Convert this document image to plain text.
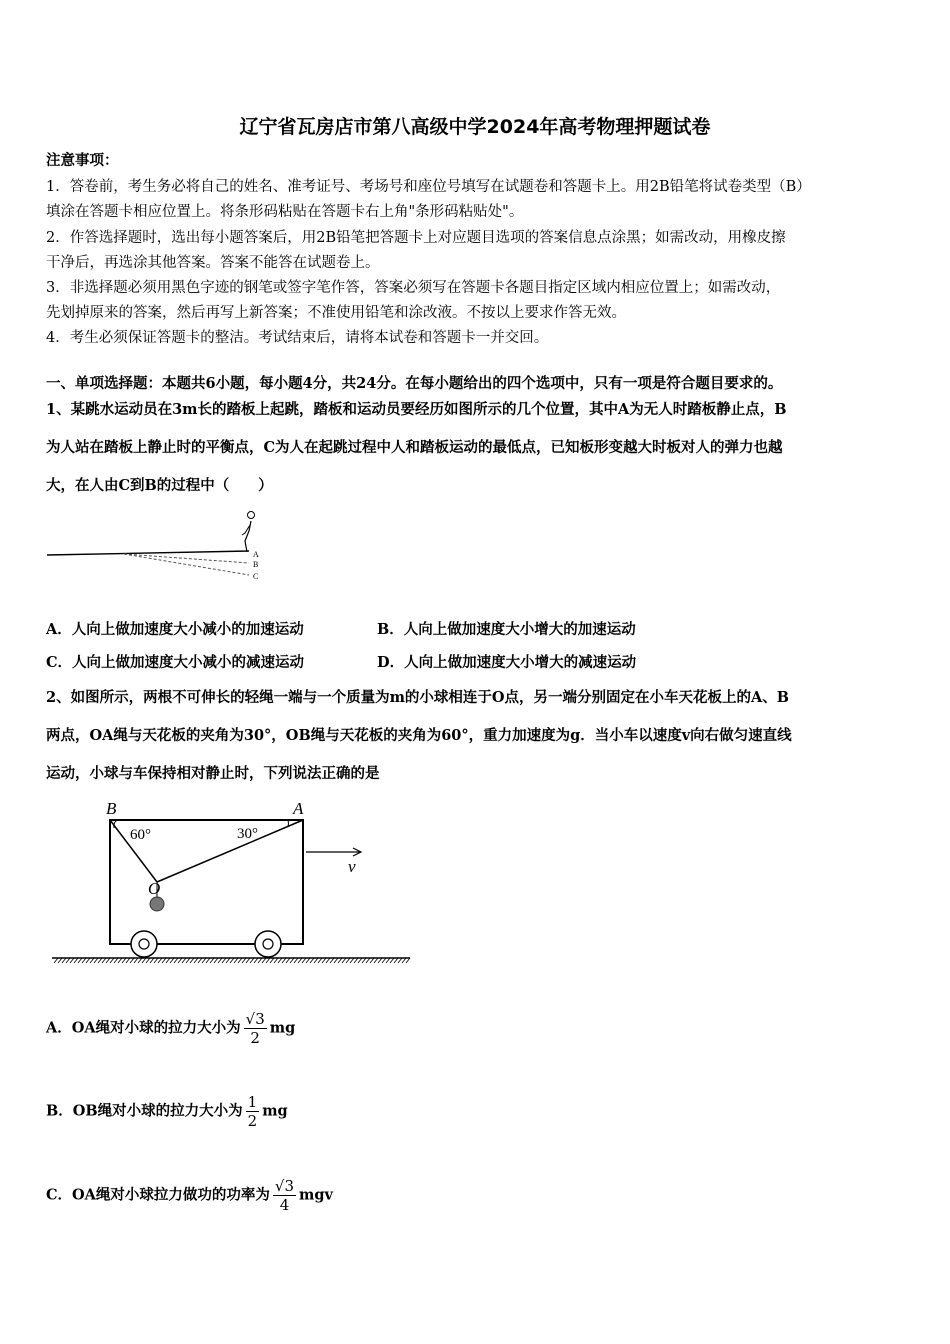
辽宁省瓦房店市第八高级中学2024年高考物理押题试卷
注意事项：
1．答卷前，考生务必将自己的姓名、准考证号、考场号和座位号填写在试题卷和答题卡上。用2B铅笔将试卷类型（B）
填涂在答题卡相应位置上。将条形码粘贴在答题卡右上角"条形码粘贴处"。
2．作答选择题时，选出每小题答案后，用2B铅笔把答题卡上对应题目选项的答案信息点涂黑；如需改动，用橡皮擦
干净后，再选涂其他答案。答案不能答在试题卷上。
3．非选择题必须用黑色字迹的钢笔或签字笔作答，答案必须写在答题卡各题目指定区域内相应位置上；如需改动，
先划掉原来的答案，然后再写上新答案；不准使用铅笔和涂改液。不按以上要求作答无效。
4．考生必须保证答题卡的整洁。考试结束后，请将本试卷和答题卡一并交回。
一、单项选择题：本题共6小题，每小题4分，共24分。在每小题给出的四个选项中，只有一项是符合题目要求的。
1、某跳水运动员在3m长的踏板上起跳，踏板和运动员要经历如图所示的几个位置，其中A为无人时踏板静止点，B
为人站在踏板上静止时的平衡点，C为人在起跳过程中人和踏板运动的最低点，已知板形变越大时板对人的弹力也越
大，在人由C到B的过程中（　　）
A
B
C
A．人向上做加速度大小减小的加速运动	B．人向上做加速度大小增大的加速运动
C．人向上做加速度大小减小的减速运动	D．人向上做加速度大小增大的减速运动
2、如图所示，两根不可伸长的轻绳一端与一个质量为m的小球相连于O点，另一端分别固定在小车天花板上的A、B
两点，OA绳与天花板的夹角为30°，OB绳与天花板的夹角为60°，重力加速度为g．当小车以速度v向右做匀速直线
运动，小球与车保持相对静止时，下列说法正确的是
B	A
60°	30°
O
v
A．OA绳对小球的拉力大小为 $\frac{√3}{2}$ mg
B．OB绳对小球的拉力大小为 $\frac{1}{2}$ mg
C．OA绳对小球拉力做功的功率为 $\frac{√3}{4}$ mgv
